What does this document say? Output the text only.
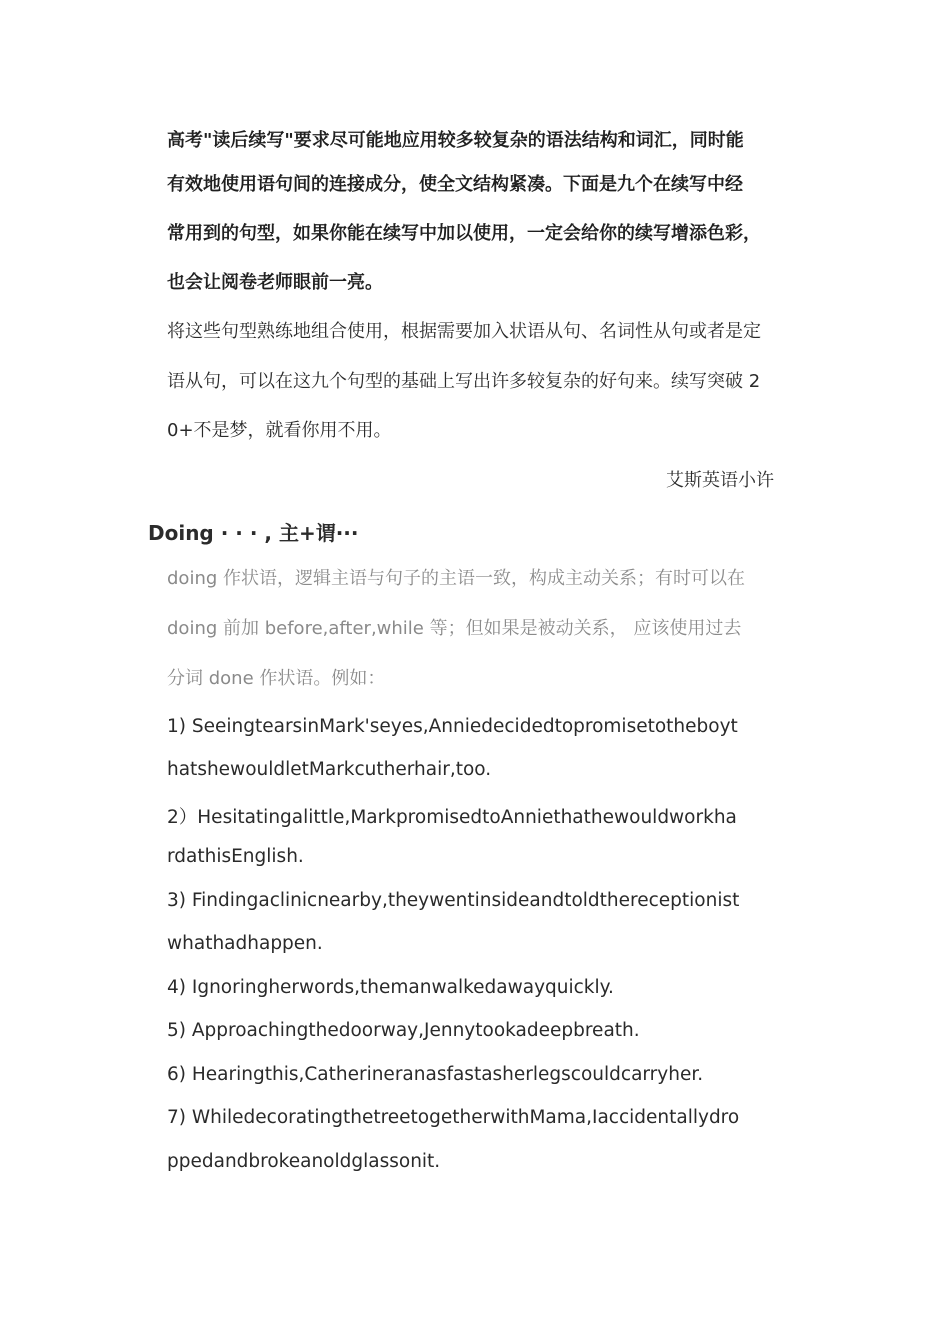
高考"读后续写"要求尽可能地应用较多较复杂的语法结构和词汇，同时能
有效地使用语句间的连接成分，使全文结构紧凑。下面是九个在续写中经
常用到的句型，如果你能在续写中加以使用，一定会给你的续写增添色彩，
也会让阅卷老师眼前一亮。
将这些句型熟练地组合使用，根据需要加入状语从句、名词性从句或者是定
语从句，可以在这九个句型的基础上写出许多较复杂的好句来。续写突破 2
0+不是梦，就看你用不用。
艾斯英语小许
Doing · · · , 主+谓···
doing 作状语，逻辑主语与句子的主语一致，构成主动关系；有时可以在
doing 前加 before,after,while 等；但如果是被动关系， 应该使用过去
分词 done 作状语。例如：
1) SeeingtearsinMark'seyes,Anniedecidedtopromisetotheboyt
hatshewouldletMarkcutherhair,too.
2）Hesitatingalittle,MarkpromisedtoAnniethathewouldworkha
rdathisEnglish.
3) Findingaclinicnearby,theywentinsideandtoldthereceptionist
whathadhappen.
4) Ignoringherwords,themanwalkedawayquickly.
5) Approachingthedoorway,Jennytookadeepbreath.
6) Hearingthis,Catherineranasfastasherlegscouldcarryher.
7) WhiledecoratingthetreetogetherwithMama,Iaccidentallydro
ppedandbrokeanoldglassonit.
